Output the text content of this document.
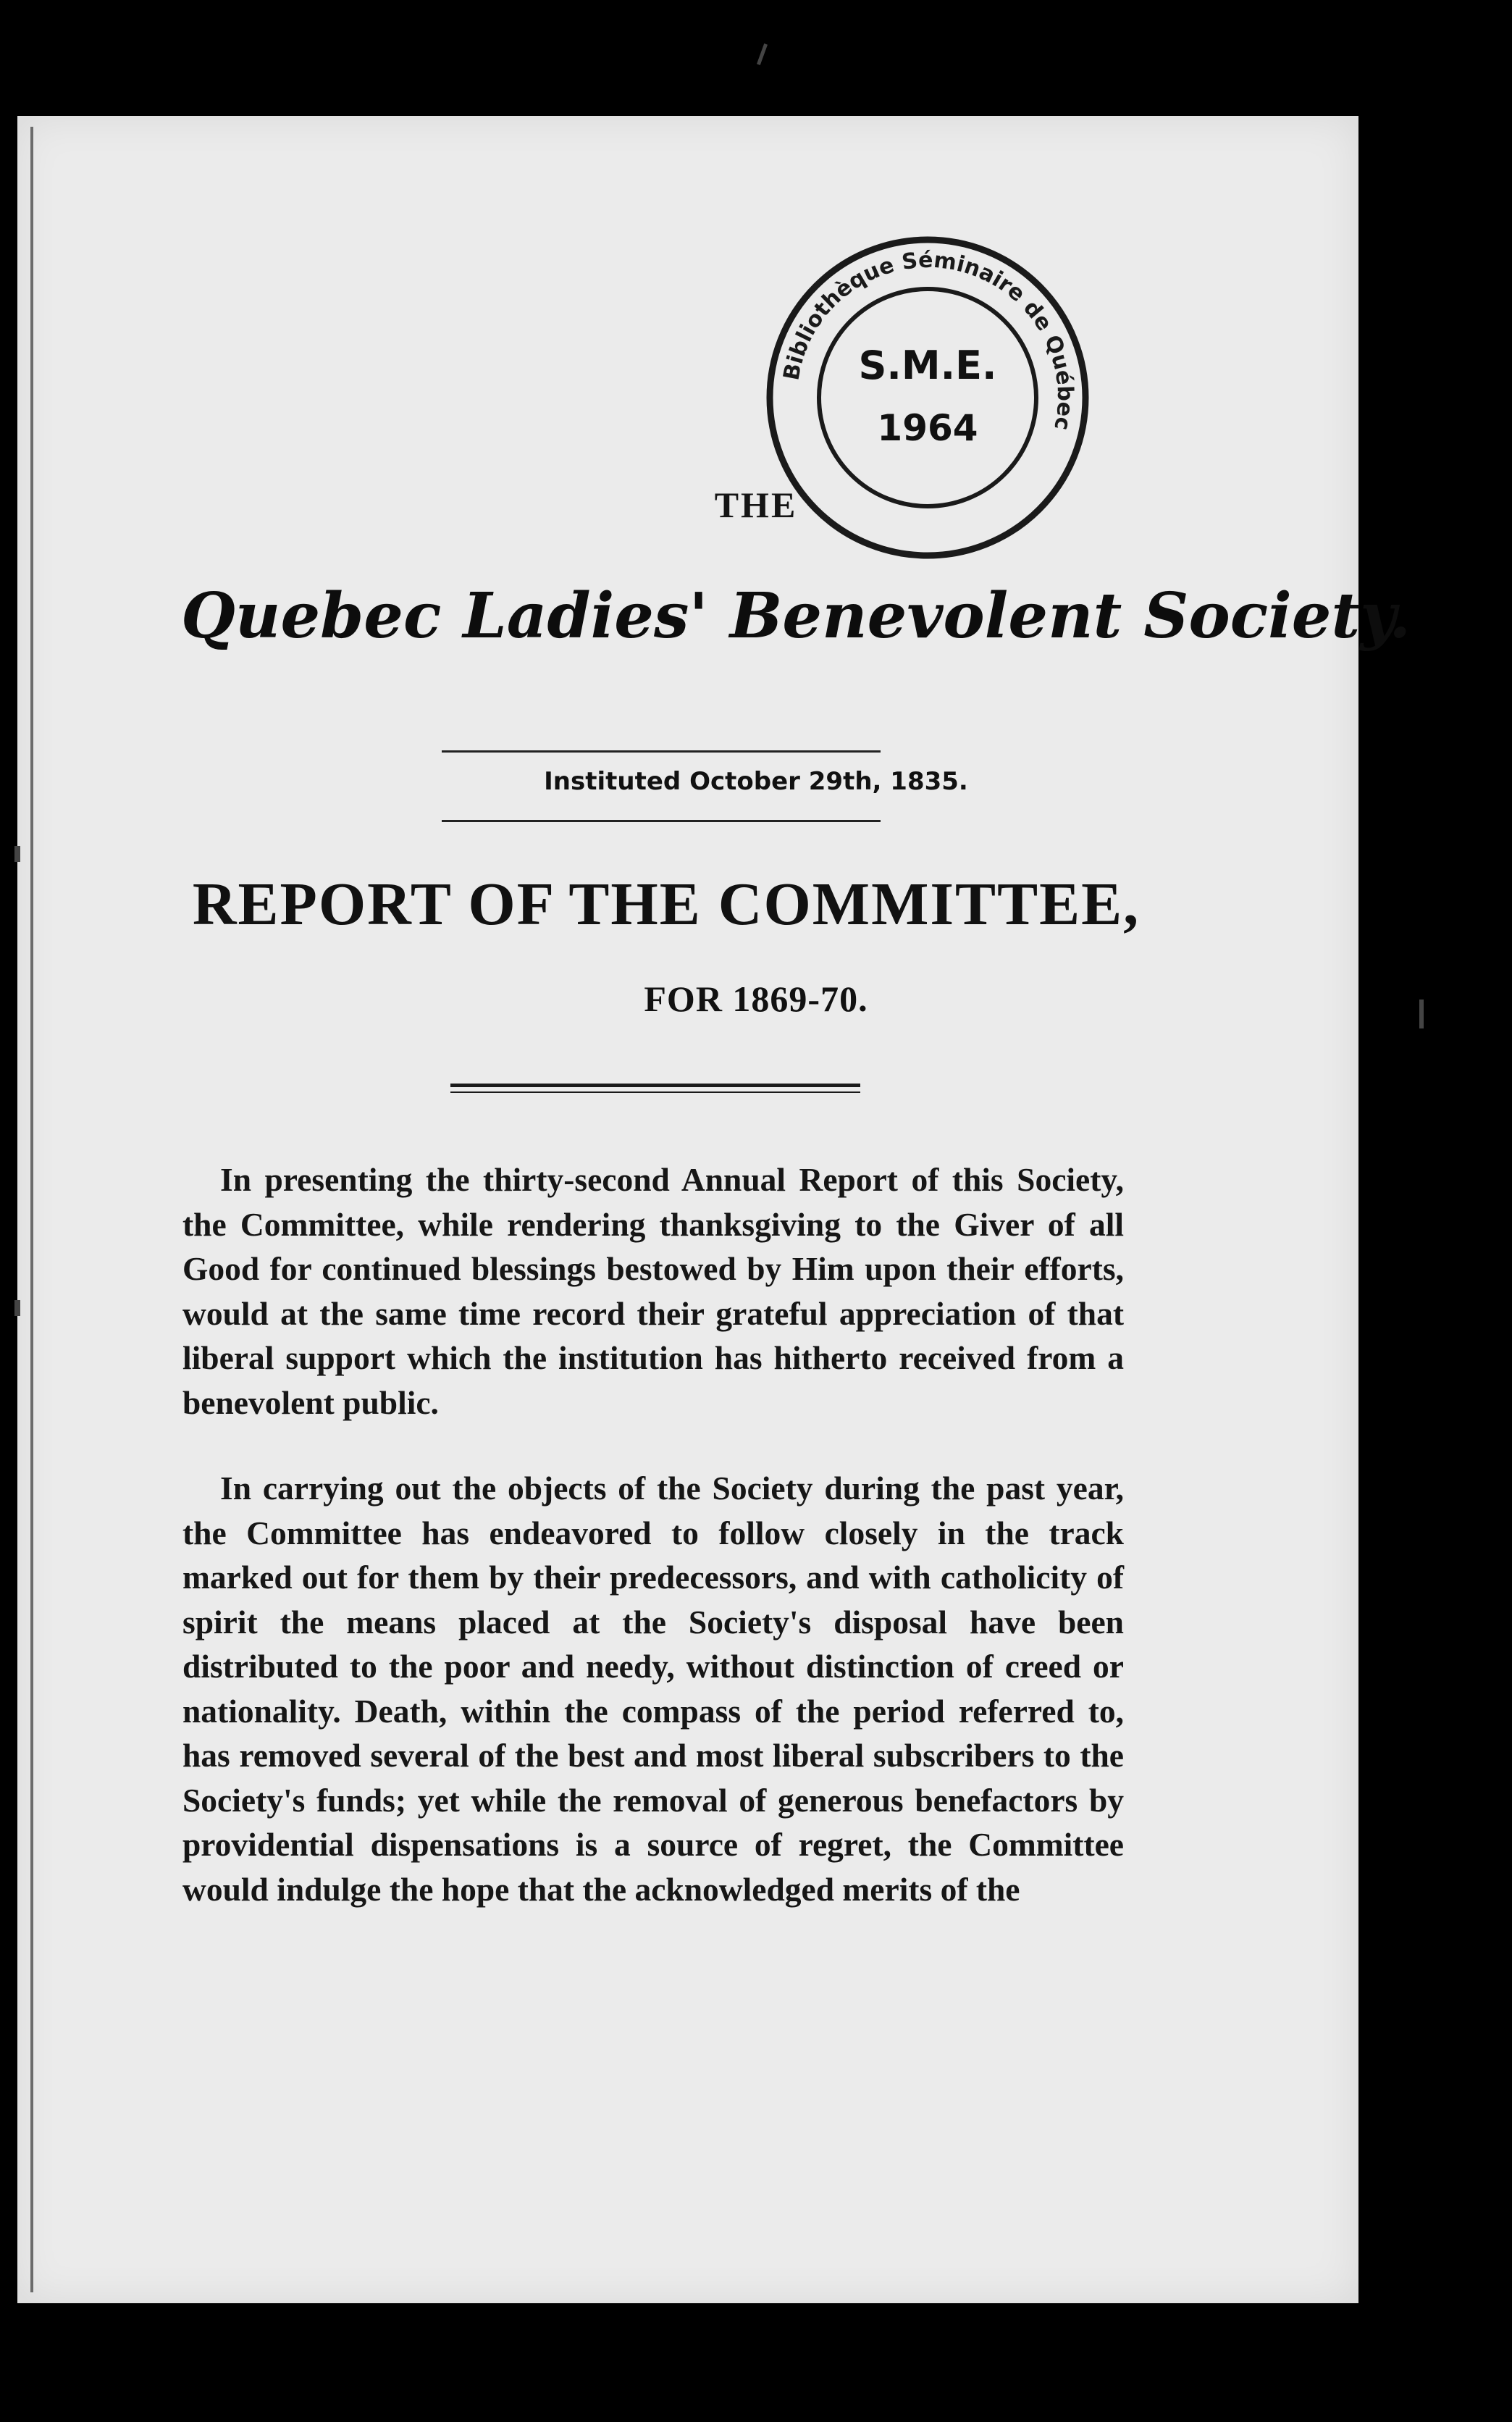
Bibliothèque Séminaire de Québec
S.M.E.
1964
THE
Quebec Ladies' Benevolent Society.
Instituted October 29th, 1835.
REPORT OF THE COMMITTEE,
FOR 1869-70.

In presenting the thirty-second Annual Report of this Society, the Committee, while rendering thanksgiving to the Giver of all Good for continued blessings bestowed by Him upon their efforts, would at the same time record their grateful appreciation of that liberal support which the institution has hitherto received from a benevolent public.

In carrying out the objects of the Society during the past year, the Committee has endeavored to follow closely in the track marked out for them by their predecessors, and with catholicity of spirit the means placed at the Society's disposal have been distributed to the poor and needy, without distinction of creed or nationality. Death, within the compass of the period referred to, has removed several of the best and most liberal subscribers to the Society's funds; yet while the removal of generous benefactors by providential dispensations is a source of regret, the Committee would indulge the hope that the acknowledged merits of the
